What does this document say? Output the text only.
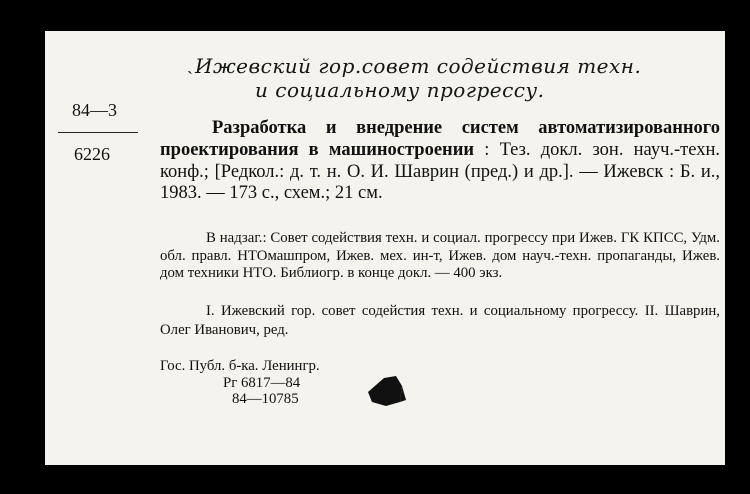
ˎ Ижевский гор.совет содействия техн.
и социальному прогрессу.
84—3
6226

Разработка и внедрение систем автоматизированного проектирования в машиностроении : Тез. докл. зон. науч.-техн. конф.; [Редкол.: д. т. н. О. И. Шаврин (пред.) и др.]. — Ижевск : Б. и., 1983. — 173 с., схем.; 21 см.

В надзаг.: Совет содействия техн. и социал. прогрессу при Ижев. ГК КПСС, Удм. обл. правл. НТОмашпром, Ижев. мех. ин-т, Ижев. дом науч.-техн. пропаганды, Ижев. дом техники НТО. Библиогр. в конце докл. — 400 экз.

I. Ижевский гор. совет содейстия техн. и социальному прогрессу. II. Шаврин, Олег Иванович, ред.

Гос. Публ. б-ка. Ленингр.
Рг 6817—84
84—10785
